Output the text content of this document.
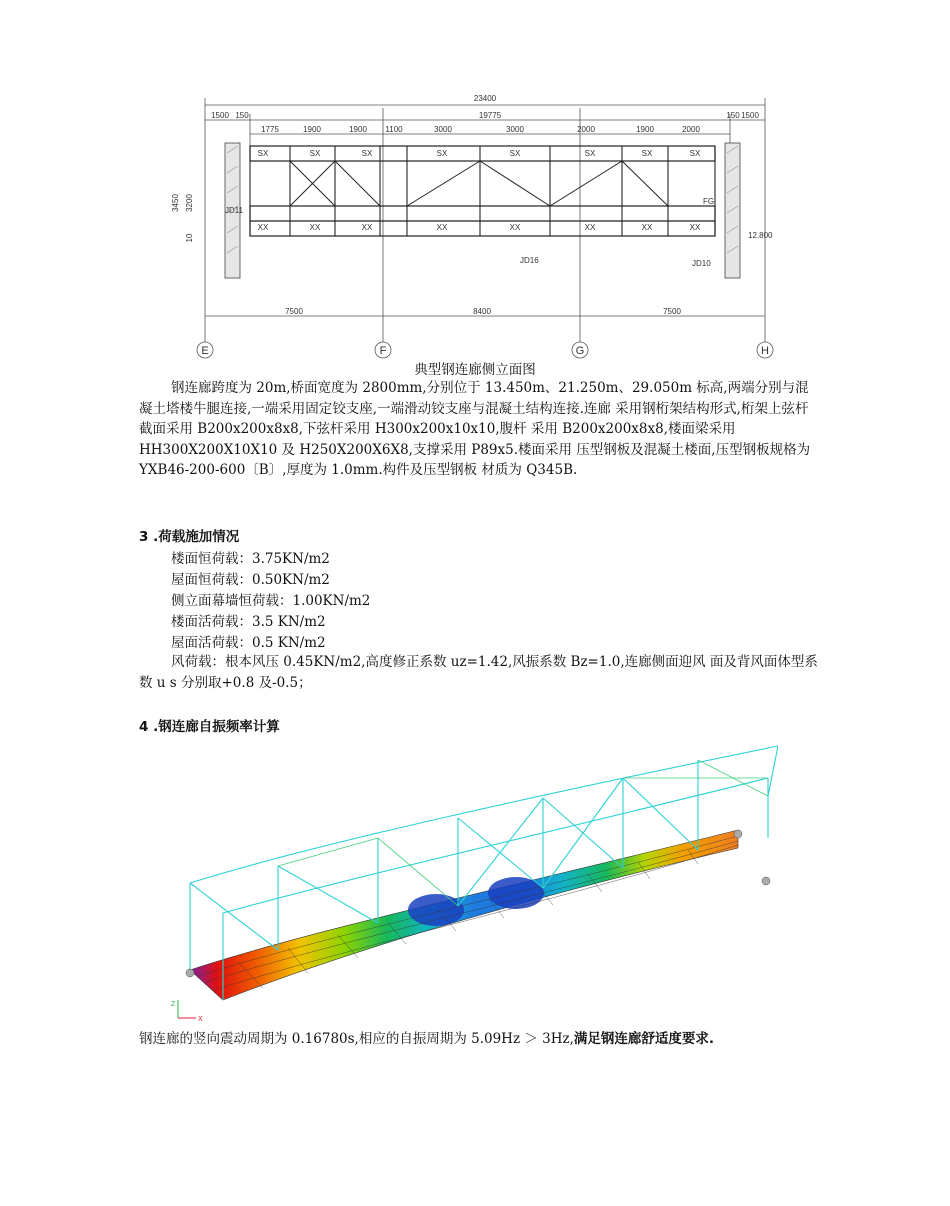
23400
1500 150	19775	150 1500
1775	1900	1900 1100	3000	3000	2000	1900	2000
SX	SX	SX	SX	SX	SX	SX	SX
XX	XX	XX	XX	XX	XX	XX	XX
3450 3200
10
JD11
FG
JD16	JD10
12.800
7500	8400	7500
E	F	G	H
典型钢连廊侧立面图

钢连廊跨度为 20m,桥面宽度为 2800mm,分别位于 13.450m、21.250m、29.050m 标高,两端分别与混凝土塔楼牛腿连接,一端采用固定铰支座,一端滑动铰支座与混凝土结构连接.连廊 采用钢桁架结构形式,桁架上弦杆截面采用 B200x200x8x8,下弦杆采用 H300x200x10x10,腹杆 采用 B200x200x8x8,楼面梁采用 HH300X200X10X10 及 H250X200X6X8,支撑采用 P89x5.楼面采用 压型钢板及混凝土楼面,压型钢板规格为 YXB46-200-600〔B〕,厚度为 1.0mm.构件及压型钢板 材质为 Q345B.

3 .荷载施加情况
楼面恒荷载：3.75KN/m2
屋面恒荷载：0.50KN/m2
侧立面幕墙恒荷载：1.00KN/m2
楼面活荷载：3.5 KN/m2
屋面活荷载：0.5 KN/m2

风荷载：根本风压 0.45KN/m2,高度修正系数 uz=1.42,风振系数 Bz=1.0,连廊侧面迎风 面及背风面体型系数 u s 分别取+0.8 及-0.5；

4 .钢连廊自振频率计算
Z
X
钢连廊的竖向震动周期为 0.16780s,相应的自振周期为 5.09Hz ＞ 3Hz,满足钢连廊舒适度要求.
